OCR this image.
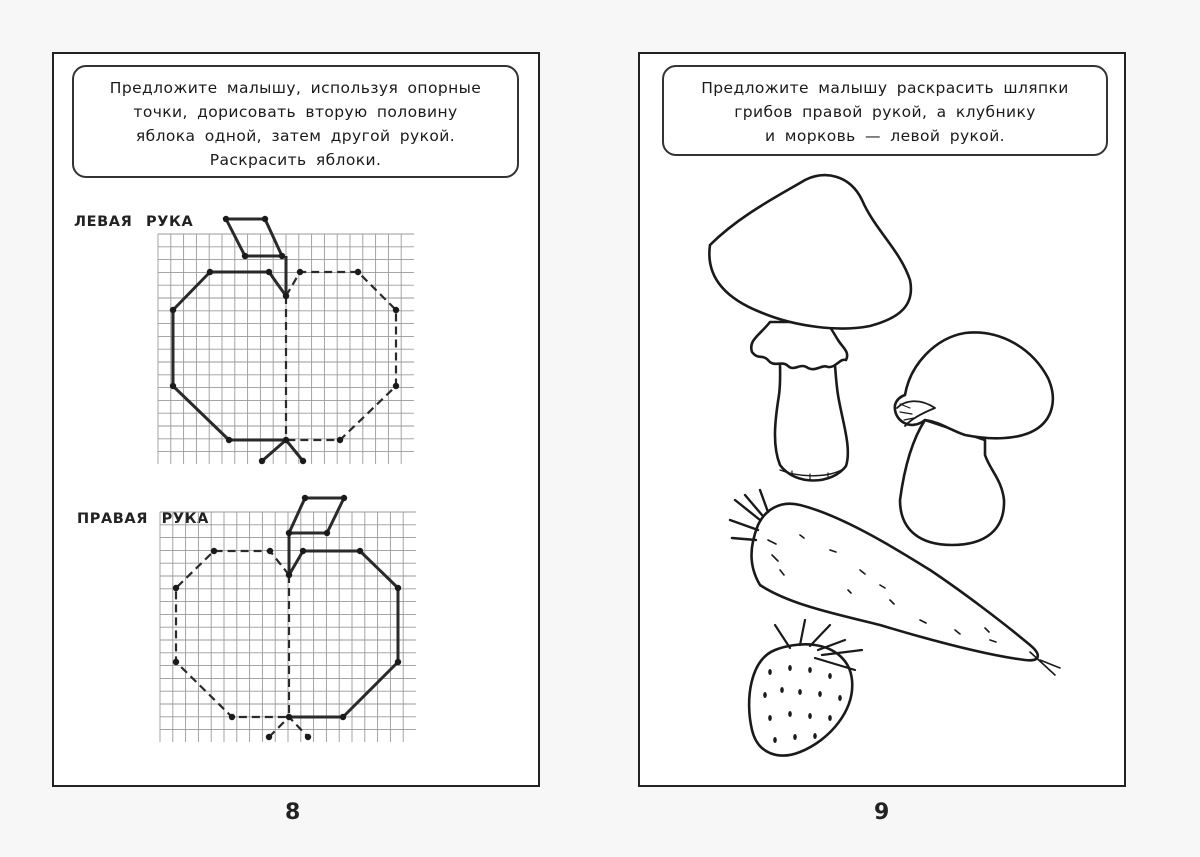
Предложите малышу, используя опорные
точки, дорисовать вторую половину
яблока одной, затем другой рукой.
Раскрасить яблоки.
ЛЕВАЯ РУКА
ПРАВАЯ РУКА
8
Предложите малышу раскрасить шляпки
грибов правой рукой, а клубнику
и морковь — левой рукой.
9
